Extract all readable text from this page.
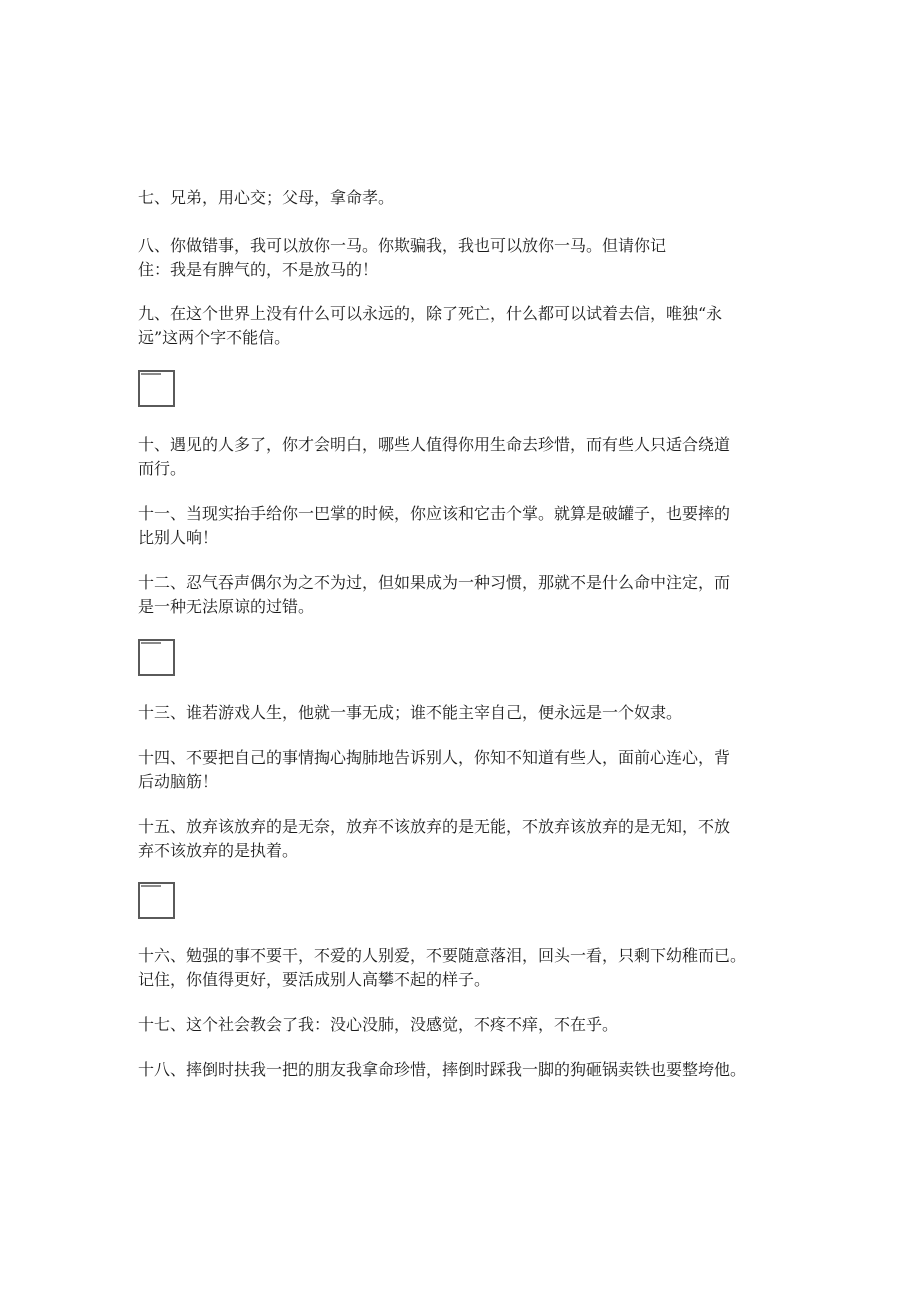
七、兄弟，用心交；父母，拿命孝。

八、你做错事，我可以放你一马。你欺骗我，我也可以放你一马。但请你记
住：我是有脾气的，不是放马的！

九、在这个世界上没有什么可以永远的，除了死亡，什么都可以试着去信，唯独“永
远”这两个字不能信。

十、遇见的人多了，你才会明白，哪些人值得你用生命去珍惜，而有些人只适合绕道
而行。

十一、当现实抬手给你一巴掌的时候，你应该和它击个掌。就算是破罐子，也要摔的
比别人响！

十二、忍气吞声偶尔为之不为过，但如果成为一种习惯，那就不是什么命中注定，而
是一种无法原谅的过错。

十三、谁若游戏人生，他就一事无成；谁不能主宰自己，便永远是一个奴隶。

十四、不要把自己的事情掏心掏肺地告诉别人，你知不知道有些人，面前心连心，背
后动脑筋！

十五、放弃该放弃的是无奈，放弃不该放弃的是无能，不放弃该放弃的是无知，不放
弃不该放弃的是执着。

十六、勉强的事不要干，不爱的人别爱，不要随意落泪，回头一看，只剩下幼稚而已。
记住，你值得更好，要活成别人高攀不起的样子。

十七、这个社会教会了我：没心没肺，没感觉，不疼不痒，不在乎。

十八、摔倒时扶我一把的朋友我拿命珍惜，摔倒时踩我一脚的狗砸锅卖铁也要整垮他。
